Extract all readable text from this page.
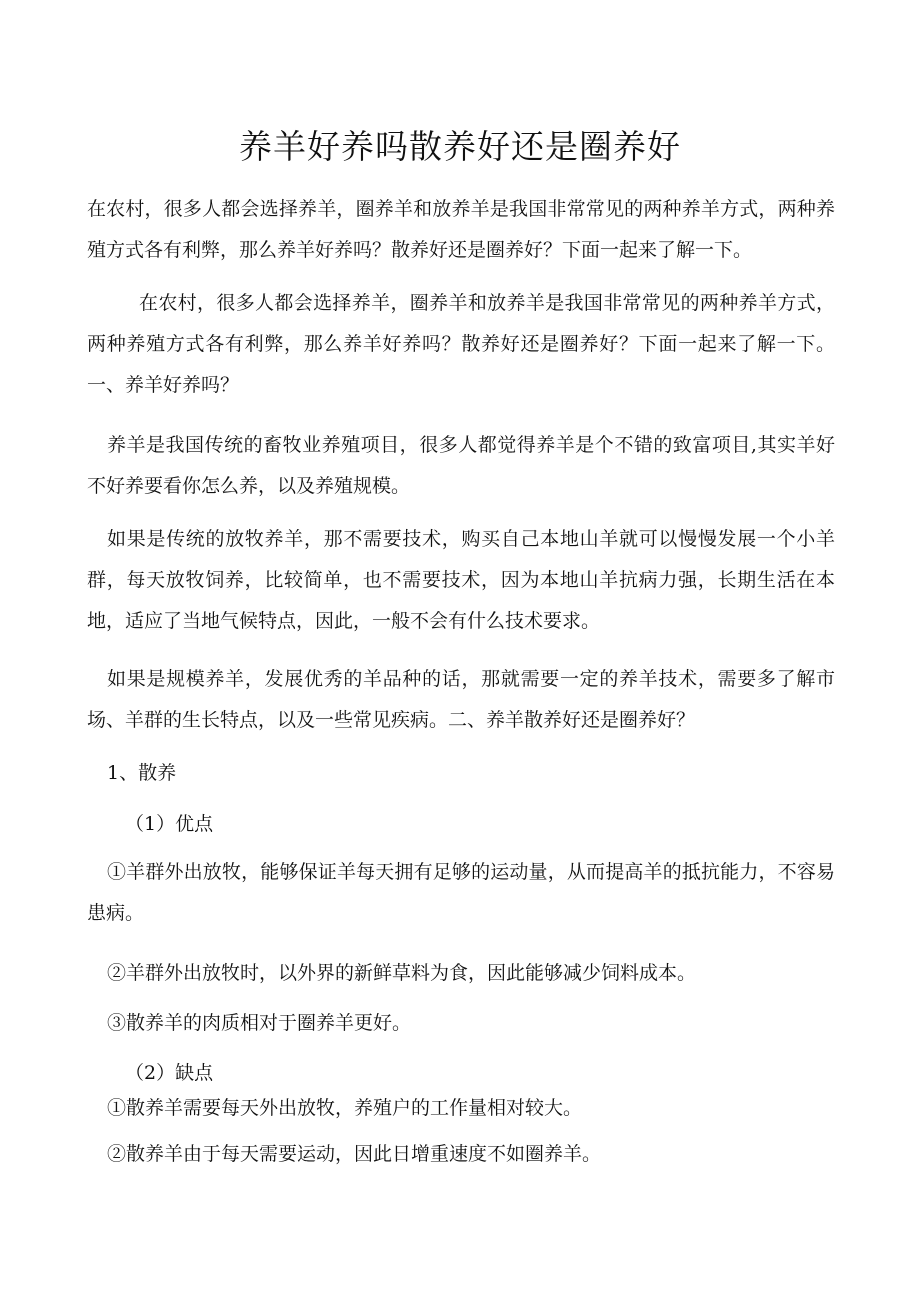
养羊好养吗散养好还是圈养好

在农村，很多人都会选择养羊，圈养羊和放养羊是我国非常常见的两种养羊方式，两种养殖方式各有利弊，那么养羊好养吗？散养好还是圈养好？下面一起来了解一下。

在农村，很多人都会选择养羊，圈养羊和放养羊是我国非常常见的两种养羊方式，两种养殖方式各有利弊，那么养羊好养吗？散养好还是圈养好？下面一起来了解一下。一、养羊好养吗？

养羊是我国传统的畜牧业养殖项目，很多人都觉得养羊是个不错的致富项目,其实羊好不好养要看你怎么养，以及养殖规模。

如果是传统的放牧养羊，那不需要技术，购买自己本地山羊就可以慢慢发展一个小羊群，每天放牧饲养，比较简单，也不需要技术，因为本地山羊抗病力强，长期生活在本地，适应了当地气候特点，因此，一般不会有什么技术要求。

如果是规模养羊，发展优秀的羊品种的话，那就需要一定的养羊技术，需要多了解市场、羊群的生长特点，以及一些常见疾病。二、养羊散养好还是圈养好？

1、散养

（1）优点

①羊群外出放牧，能够保证羊每天拥有足够的运动量，从而提高羊的抵抗能力，不容易患病。

②羊群外出放牧时，以外界的新鲜草料为食，因此能够减少饲料成本。

③散养羊的肉质相对于圈养羊更好。

（2）缺点

①散养羊需要每天外出放牧，养殖户的工作量相对较大。

②散养羊由于每天需要运动，因此日增重速度不如圈养羊。
